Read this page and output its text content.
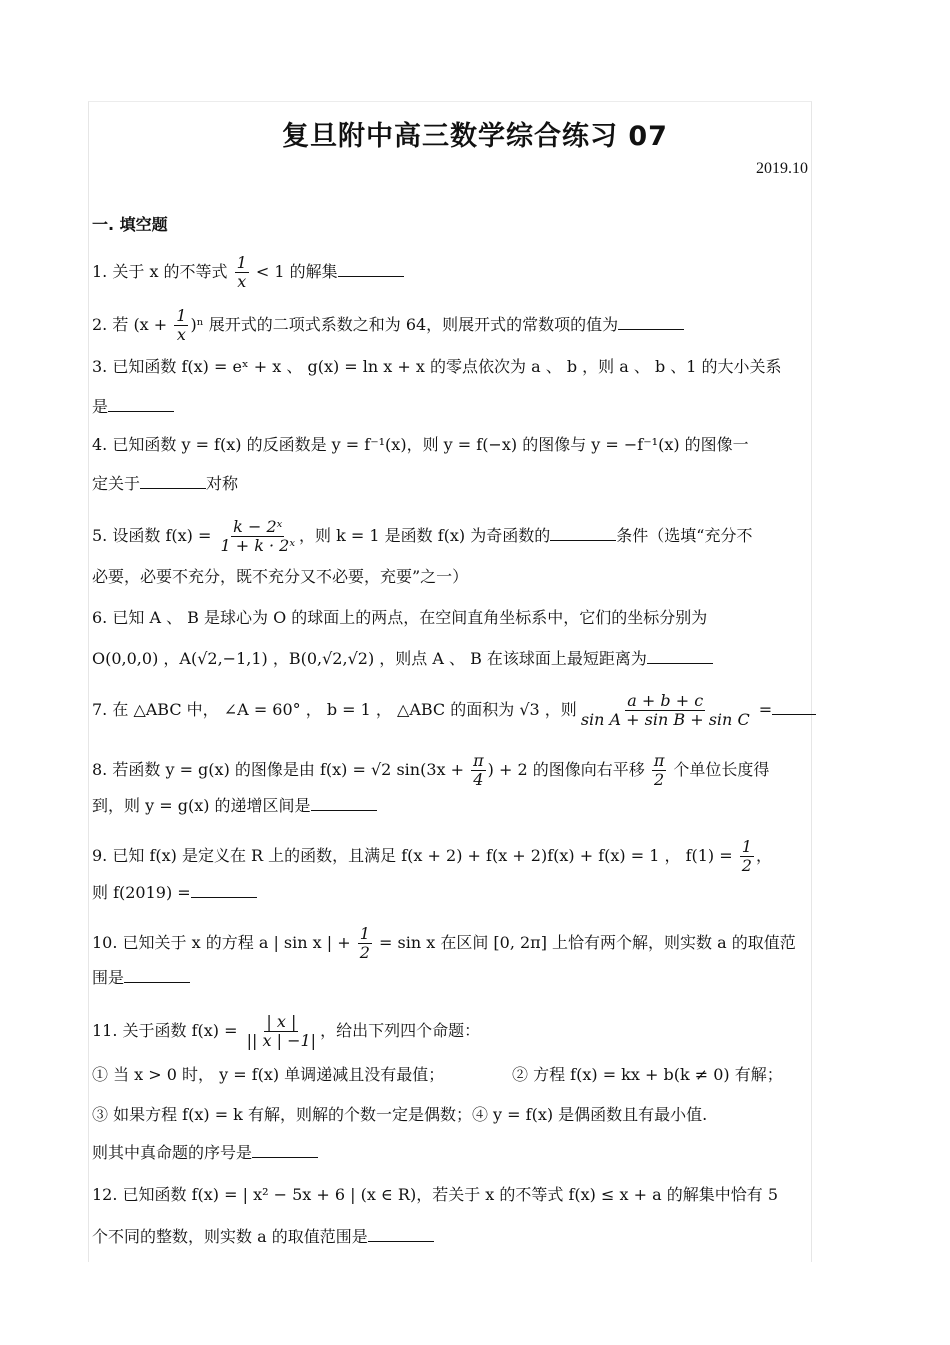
复旦附中高三数学综合练习 07
2019.10
一. 填空题
1. 关于 x 的不等式 $\frac{1}{x} < 1$ 的解集
2. 若 $(x + \frac{1}{x} )^n$ 展开式的二项式系数之和为 64，则展开式的常数项的值为
3. 已知函数 f(x) = eˣ + x 、 g(x) = ln x + x 的零点依次为 a 、 b ，则 a 、 b 、1 的大小关系
是
4. 已知函数 y = f(x) 的反函数是 y = f⁻¹(x)，则 y = f(−x) 的图像与 y = −f⁻¹(x) 的图像一
定关于	对称
5. 设函数 $f(x) = \frac{\text{k − 2ˣ}}{\text{1 + k · 2ˣ}}$ ，则 k = 1 是函数 f(x) 为奇函数的	条件（选填“充分不
必要，必要不充分，既不充分又不必要，充要”之一）
6. 已知 A 、 B 是球心为 O 的球面上的两点，在空间直角坐标系中，它们的坐标分别为
O(0,0,0) ，A(√2,−1,1) ，B(0,√2,√2) ，则点 A 、 B 在该球面上最短距离为
7. 在 △ABC 中， ∠A = 60° ， b = 1 ， △ABC 的面积为 √3 ，则 $\frac{a + b + c}{\text{sin A + sin B + sin C}}$ =
8. 若函数 y = g(x) 的图像是由 f(x) = √2 $\sin(3x + \frac{\pi}{4}$ ) + 2 的图像向右平移 $\frac{\pi}{2}$ 个单位长度得
到，则 y = g(x) 的递增区间是
9. 已知 f(x) 是定义在 R 上的函数，且满足 f(x + 2) + f(x + 2)f(x) + f(x) = 1 ， $f(1) = \frac{1}{2}$ ，
则 f(2019) =
10. 已知关于 x 的方程 a | sin x | + $\frac{1}{2} = \sin x$ 在区间 [0, 2π] 上恰有两个解，则实数 a 的取值范
围是
11. 关于函数 $f(x) = \frac{| x |}{|| x | -1|}$ ，给出下列四个命题：
① 当 x > 0 时， y = f(x) 单调递减且没有最值；	② 方程 f(x) = kx + b(k ≠ 0) 有解；
③ 如果方程 f(x) = k 有解，则解的个数一定是偶数；④ y = f(x) 是偶函数且有最小值.
则其中真命题的序号是
12. 已知函数 f(x) = | x² − 5x + 6 | (x ∈ R)，若关于 x 的不等式 f(x) ≤ x + a 的解集中恰有 5
个不同的整数，则实数 a 的取值范围是
